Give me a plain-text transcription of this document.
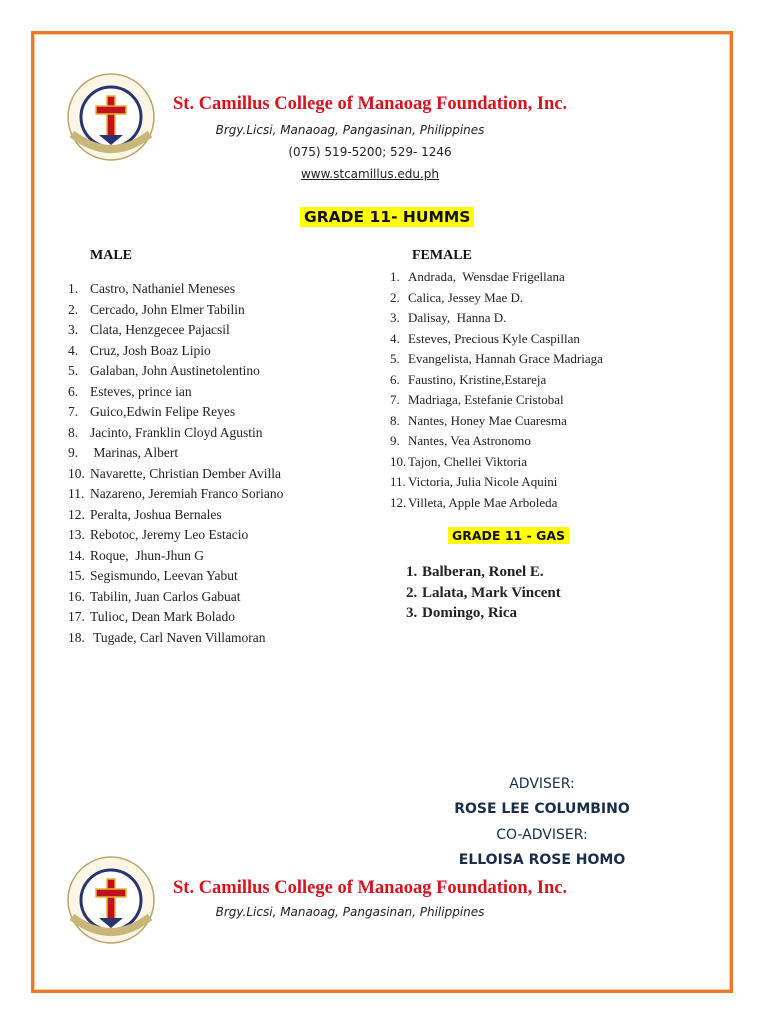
St. Camillus College of Manaoag Foundation, Inc.
Brgy.Licsi, Manaoag, Pangasinan, Philippines
(075) 519-5200; 529- 1246
www.stcamillus.edu.ph
GRADE 11- HUMMS
MALE	FEMALE
1. Castro, Nathaniel Meneses
2. Cercado, John Elmer Tabilin
3. Clata, Henzgecee Pajacsil
4. Cruz, Josh Boaz Lipio
5. Galaban, John Austinetolentino
6. Esteves, prince ian
7. Guico,Edwin Felipe Reyes
8. Jacinto, Franklin Cloyd Agustin
9. Marinas, Albert
10. Navarette, Christian Dember Avilla
11. Nazareno, Jeremiah Franco Soriano
12. Peralta, Joshua Bernales
13. Rebotoc, Jeremy Leo Estacio
14. Roque,  Jhun-Jhun G
15. Segismundo, Leevan Yabut
16. Tabilin, Juan Carlos Gabuat
17. Tulioc, Dean Mark Bolado
18. Tugade, Carl Naven Villamoran
1. Andrada,  Wensdae Frigellana
2. Calica, Jessey Mae D.
3. Dalisay,  Hanna D.
4. Esteves, Precious Kyle Caspillan
5. Evangelista, Hannah Grace Madriaga
6. Faustino, Kristine,Estareja
7. Madriaga, Estefanie Cristobal
8. Nantes, Honey Mae Cuaresma
9. Nantes, Vea Astronomo
10. Tajon, Chellei Viktoria
11. Victoria, Julia Nicole Aquini
12. Villeta, Apple Mae Arboleda
GRADE 11 - GAS
1. Balberan, Ronel E.
2. Lalata, Mark Vincent
3. Domingo, Rica
ADVISER:
ROSE LEE COLUMBINO
CO-ADVISER:
ELLOISA ROSE HOMO
St. Camillus College of Manaoag Foundation, Inc.
Brgy.Licsi, Manaoag, Pangasinan, Philippines
